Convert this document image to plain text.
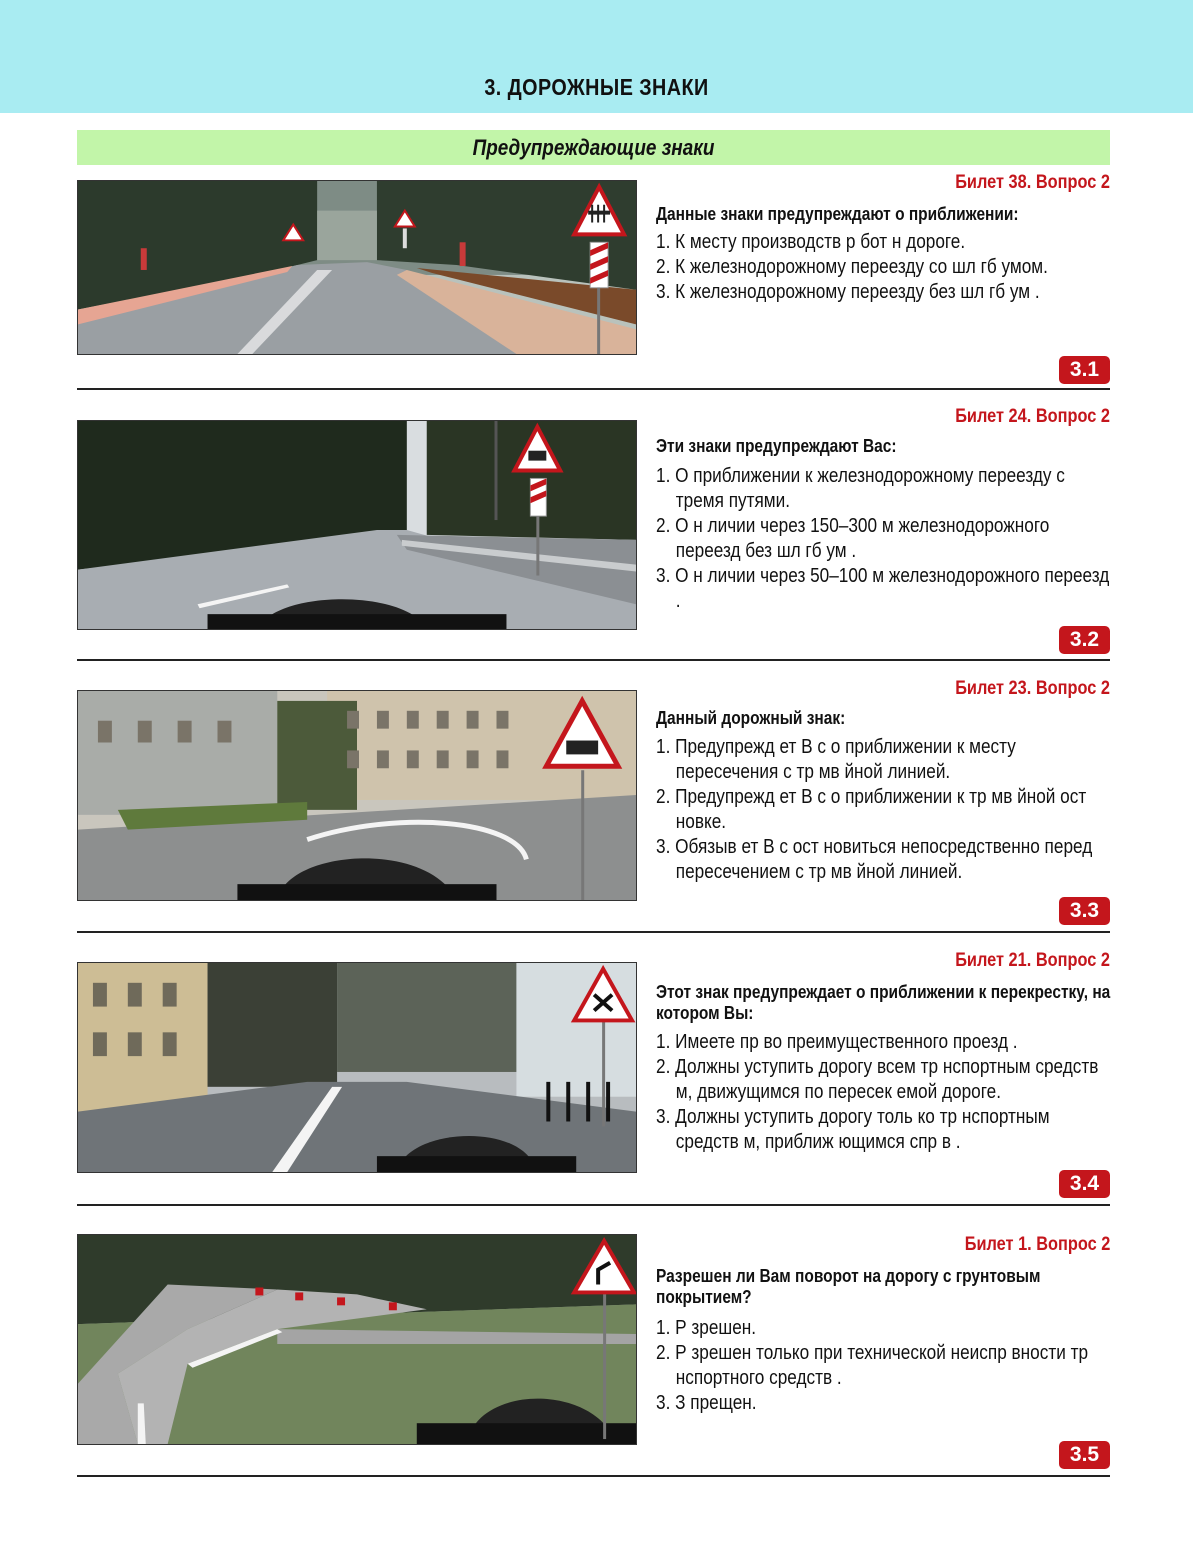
3. ДОРОЖНЫЕ ЗНАКИ
Предупреждающие знаки
Билет 38. Вопрос 2
Данные знаки предупреждают о приближении:
1. К месту производств р бот н дороге.
2. К железнодорожному переезду со шл гб умом.
3. К железнодорожному переезду без шл гб ум .
3.1
Билет 24. Вопрос 2
Эти знаки предупреждают Вас:
1. О приближении к железнодорожному переезду с тремя путями.
2. О н личии через 150–300 м железнодорожного переезд без шл гб ум .
3. О н личии через 50–100 м железнодорожного переезд .
3.2
Билет 23. Вопрос 2
Данный дорожный знак:
1. Предупрежд ет В с о приближении к месту пересечения с тр мв йной линией.
2. Предупрежд ет В с о приближении к тр мв йной ост новке.
3. Обязыв ет В с ост новиться непосредственно перед пересечением с тр мв йной линией.
3.3
Билет 21. Вопрос 2
Этот знак предупреждает о приближении к перекрестку, на котором Вы:
1. Имеете пр во преимущественного проезд .
2. Должны уступить дорогу всем тр нспортным средств м, движущимся по пересек емой дороге.
3. Должны уступить дорогу толь ко тр нспортным средств м, приближ ющимся спр в .
3.4
Билет 1. Вопрос 2
Разрешен ли Вам поворот на дорогу с грунтовым покрытием?
1. Р зрешен.
2. Р зрешен только при технической неиспр вности тр нспортного средств .
3. З прещен.
3.5
